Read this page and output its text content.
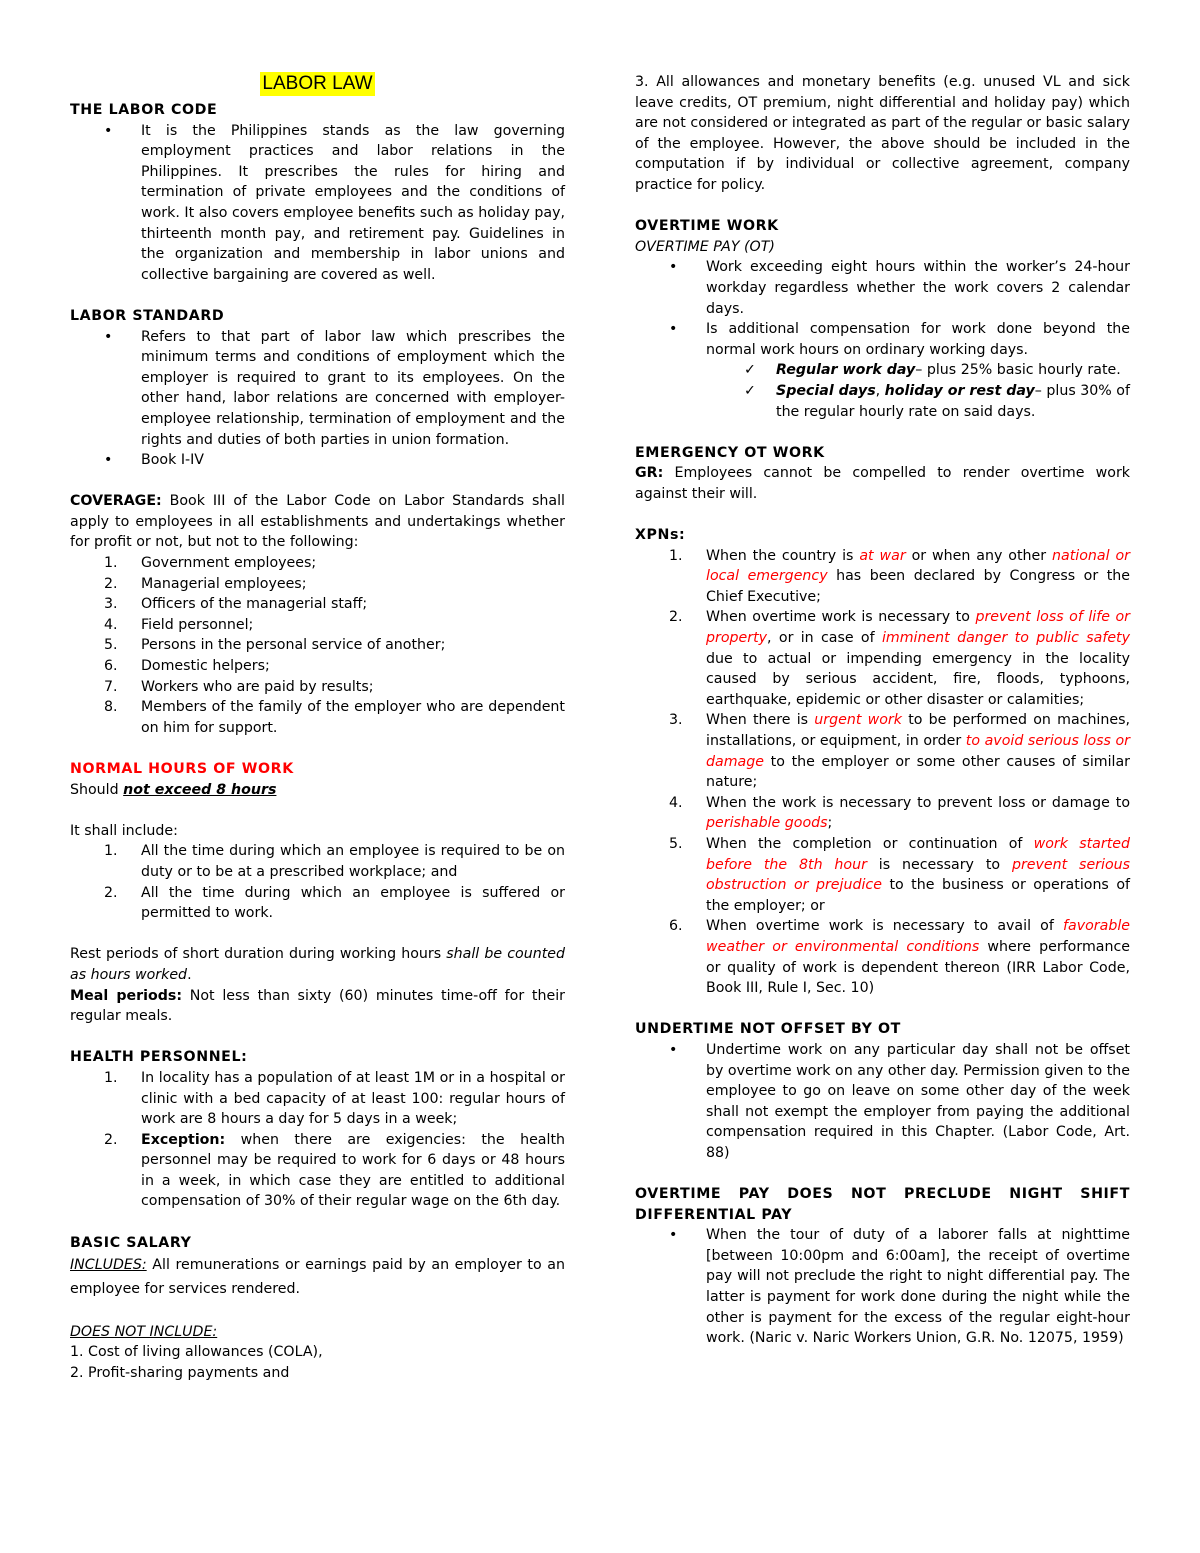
LABOR LAW

THE LABOR CODE

• It is the Philippines stands as the law governing employment practices and labor relations in the Philippines. It prescribes the rules for hiring and termination of private employees and the conditions of work. It also covers employee benefits such as holiday pay, thirteenth month pay, and retirement pay. Guidelines in the organization and membership in labor unions and collective bargaining are covered as well.

LABOR STANDARD

• Refers to that part of labor law which prescribes the minimum terms and conditions of employment which the employer is required to grant to its employees. On the other hand, labor relations are concerned with employer-employee relationship, termination of employment and the rights and duties of both parties in union formation.
• Book I-IV

COVERAGE: Book III of the Labor Code on Labor Standards shall apply to employees in all establishments and undertakings whether for profit or not, but not to the following:

1.	Government employees;
2.	Managerial employees;
3.	Officers of the managerial staff;
4.	Field personnel;
5.	Persons in the personal service of another;
6.	Domestic helpers;
7.	Workers who are paid by results;
8.	Members of the family of the employer who are dependent on him for support.

NORMAL HOURS OF WORK

Should not exceed 8 hours

It shall include:

1.	All the time during which an employee is required to be on duty or to be at a prescribed workplace; and
2.	All the time during which an employee is suffered or permitted to work.

Rest periods of short duration during working hours shall be counted as hours worked.

Meal periods: Not less than sixty (60) minutes time-off for their regular meals.

HEALTH PERSONNEL:

1.	In locality has a population of at least 1M or in a hospital or clinic with a bed capacity of at least 100: regular hours of work are 8 hours a day for 5 days in a week;
2.	Exception: when there are exigencies: the health personnel may be required to work for 6 days or 48 hours in a week, in which case they are entitled to additional compensation of 30% of their regular wage on the 6th day.

BASIC SALARY

INCLUDES: All remunerations or earnings paid by an employer to an employee for services rendered.

DOES NOT INCLUDE:

1. Cost of living allowances (COLA),

2. Profit-sharing payments and

3. All allowances and monetary benefits (e.g. unused VL and sick leave credits, OT premium, night differential and holiday pay) which are not considered or integrated as part of the regular or basic salary of the employee. However, the above should be included in the computation if by individual or collective agreement, company practice for policy.

OVERTIME WORK

OVERTIME PAY (OT)

• Work exceeding eight hours within the worker’s 24-hour workday regardless whether the work covers 2 calendar days.
• Is additional compensation for work done beyond the normal work hours on ordinary working days.
✓ Regular work day– plus 25% basic hourly rate.
✓ Special days, holiday or rest day– plus 30% of the regular hourly rate on said days.

EMERGENCY OT WORK

GR: Employees cannot be compelled to render overtime work against their will.

XPNs:

1.	When the country is at war or when any other national or local emergency has been declared by Congress or the Chief Executive;
2.	When overtime work is necessary to prevent loss of life or property, or in case of imminent danger to public safety due to actual or impending emergency in the locality caused by serious accident, fire, floods, typhoons, earthquake, epidemic or other disaster or calamities;
3.	When there is urgent work to be performed on machines, installations, or equipment, in order to avoid serious loss or damage to the employer or some other causes of similar nature;
4.	When the work is necessary to prevent loss or damage to perishable goods;
5.	When the completion or continuation of work started before the 8th hour is necessary to prevent serious obstruction or prejudice to the business or operations of the employer; or
6.	When overtime work is necessary to avail of favorable weather or environmental conditions where performance or quality of work is dependent thereon (IRR Labor Code, Book III, Rule I, Sec. 10)

UNDERTIME NOT OFFSET BY OT

• Undertime work on any particular day shall not be offset by overtime work on any other day. Permission given to the employee to go on leave on some other day of the week shall not exempt the employer from paying the additional compensation required in this Chapter. (Labor Code, Art. 88)

OVERTIME PAY DOES NOT PRECLUDE NIGHT SHIFT DIFFERENTIAL PAY

• When the tour of duty of a laborer falls at nighttime [between 10:00pm and 6:00am], the receipt of overtime pay will not preclude the right to night differential pay. The latter is payment for work done during the night while the other is payment for the excess of the regular eight-hour work. (Naric v. Naric Workers Union, G.R. No. 12075, 1959)
